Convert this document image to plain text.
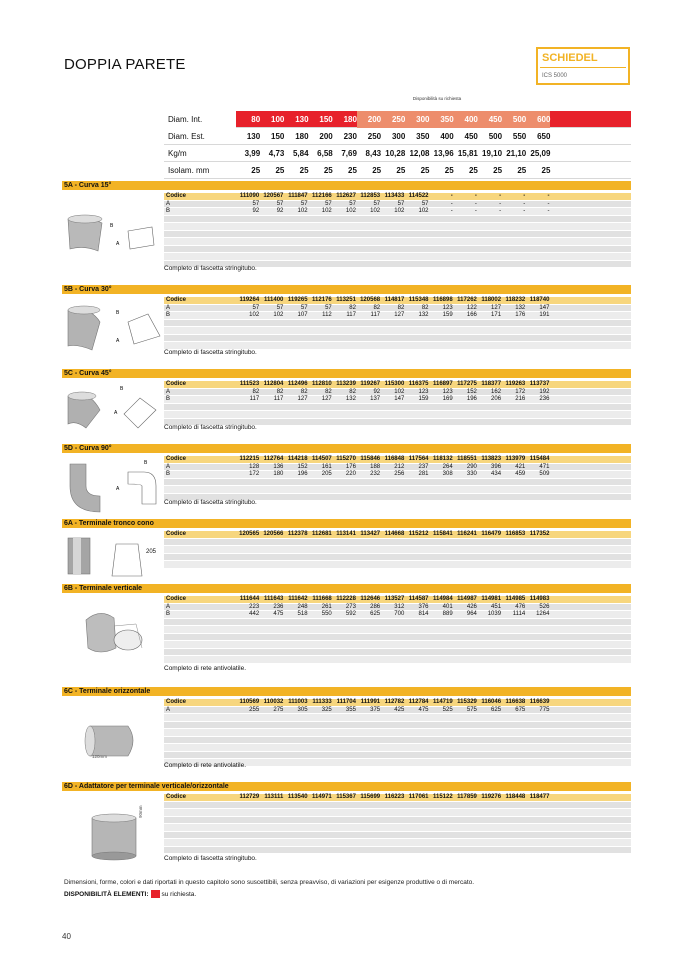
DOPPIA PARETE	SCHIEDEL
ICS 5000
Disponibilità su richiesta
Diam. Int.	80	100	130	150	180	200	250	300	350	400	450	500	600
Diam. Est.	130	150	180	200	230	250	300	350	400	450	500	550	650
Kg/m	3,99	4,73	5,84	6,58	7,69	8,43 10,28 12,08 13,96 15,81 19,10 21,10 25,09
Isolam. mm	25	25	25	25	25	25	25	25	25	25	25	25	25
5A - Curva 15°
Codice	111090 120567 111847 112166 112627 112853 113433 114522	-	-	-	-	-
A	57	57	57	57	57	57	57	57	-	-	-	-	-
B	92	92	102	102	102	102	102	102	-	-	-	-	-
Completo di fascetta stringitubo.
5B - Curva 30°
Codice	119264 111400 119265 112176 113251 120568 114817 115348 116898 117262 118002 118232 118740
A	57	57	57	57	82	82	82	82	123	122	127	132	147
B	102	102	107	112	117	117	127	132	159	166	171	176	191
Completo di fascetta stringitubo.
5C - Curva 45°
Codice	111523 112804 112496 112810 113239 119267 115300 116375 116897 117275 118377 119263 113737
A	82	82	82	82	82	92	102	123	123	152	162	172	192
B	117	117	127	127	132	137	147	159	169	196	206	216	236
Completo di fascetta stringitubo.
5D - Curva 90°
Codice	112215 112764 114218 114507 115270 115846 116848 117564 118132 118551 113823 113979 115484
A	128	136	152	161	176	188	212	237	264	290	396	421	471
B	172	180	196	205	220	232	256	281	308	330	434	459	509
Completo di fascetta stringitubo.
6A - Terminale tronco cono
Codice	120565 120566 112378 112681 113141 113427 114668 115212 115841 116241 116479 116853 117352
6B - Terminale verticale
Codice	111644 111643 111642 111668 112228 112646 113527 114587 114984 114987 114981 114985 114983
A	223	236	248	261	273	286	312	376	401	426	451	476	526
B	442	475	518	550	592	625	700	814	889	964	1039	1114	1264
Completo di rete antivolatile.
6C - Terminale orizzontale
Codice	110569 110032 111003 111333 111704 111991 112782 112784 114719 115329 116046 116638 116639
A	255	275	305	325	355	375	425	475	525	575	625	675	775
Completo di rete antivolatile.
6D - Adattatore per terminale verticale/orizzontale
Codice	112729 113111 113540 114971 115367 115699 116223 117061 115122 117859 119276 118448 118477
Completo di fascetta stringitubo.
B
A
B
A
B
A
B
A
205
120mm
90mm
Dimensioni, forme, colori e dati riportati in questo capitolo sono suscettibili, senza preavviso, di variazioni per esigenze produttive o di mercato.
DISPONIBILITÀ ELEMENTI: su richiesta.
40
